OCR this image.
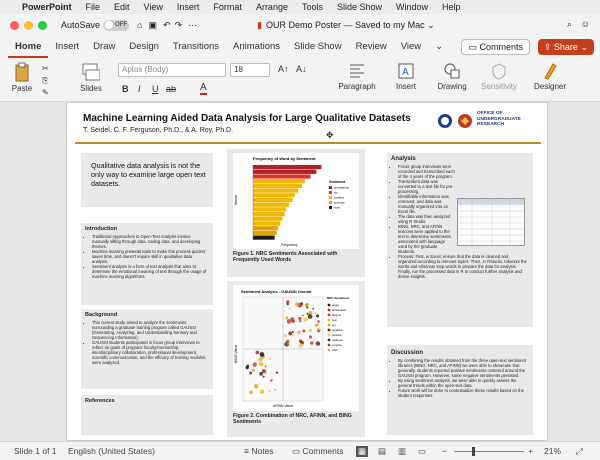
PowerPoint File Edit View Insert Format Arrange Tools Slide Show Window Help
AutoSave	OFF ⌂ ▣ ↶ ↷ ···	▮ OUR Demo Poster — Saved to my Mac ⌄	⌕ ☺
Home	Insert	Draw	Design	Transitions	Animations	Slide Show	Review	View	⌄	▭ Comments	⇪ Share ⌄
Paste
✂
⎘
✎	Slides
Aptos (Body)	18
B I U ab A
A↑ A↓
Paragraph
A
Insert	Drawing Sensitivity Designer
Machine Learning Aided Data Analysis for Large Qualitative Datasets
T. Seidel, C. F. Ferguson, Ph.D., & A. Roy, Ph.D.
OFFICE OF UNDERGRADUATE RESEARCH
✥
Qualitative data analysis is not the only way to examine large open text datasets.
Introduction
• Traditional Approaches to Open-Text Analysis involve manually sifting through data, coding data, and developing themes.
• Machine learning presents tools to make this process quicker, saves time, and doesn't require skill in qualitative data analysis.
• Sentiment analysis is a form of text analysis that aims to determine the emotional meaning of text through the usage of machine learning algorithms.
Background
• This current study aimed to analyze the sentiments surrounding a graduate training program called GAUSSI (Generating, Analyzing, and Understanding Sensory and Sequencing Information).
• GAUSSI students participated in focus group interviews to reflect on goals of program: faculty/mentorship, interdisciplinary collaboration, professional development, scientific communication, and the efficacy of training modules were analyzed.
References
Frequency of Word by Sentiment
Words
Frequency
Sentiment
anticipation
joy
positive
surprise
trust
Figure 1. NRC Sentiments Associated with Frequently Used Words
Sentiment Analysis - GAUSSI Overall
BING Value
AFINN Value
NRC Sentiment
anger
anticipation
disgust
fear
joy
negative
positive
sadness
surprise
trust
Figure 2. Combination of NRC, AFINN, and BING Sentiments
Analysis
• Focus group interviews were recorded and transcribed each of the 4 years of the program.
• Transcribed data was converted to a text file for pre-processing.
• Identifiable information was removed, and data was manually organized into an Excel file.
• The data was then analyzed using R Studio.
• BING, NRC, and AFINN lexicons were applied to the text to determine sentiments associated with language used by the graduate students.
• Process: First, in Excel, ensure that the data is cleaned and organized according to relevant topics. Then, in RStudio, tokenize the words and eliminate stop words to prepare the data for analysis. Finally, run the processed data in R to conduct further analysis and derive insights.
Discussion
• By combining the results obtained from the three open-text sentiment libraries (BING, NRC, and AFINN) we were able to showcase that generally, students reported positive sentiments centered around the GAUSSI program. However, some negative sentiments persisted.
• By using sentiment analysis, we were able to quickly assess the general trends within the open-text data.
• Future work will be done to contextualize these results based on the student responses.
Slide 1 of 1 English (United States)	≡ Notes ▭ Comments ▦ ▤ ▥ ▭ −	+ 21% ⤢
